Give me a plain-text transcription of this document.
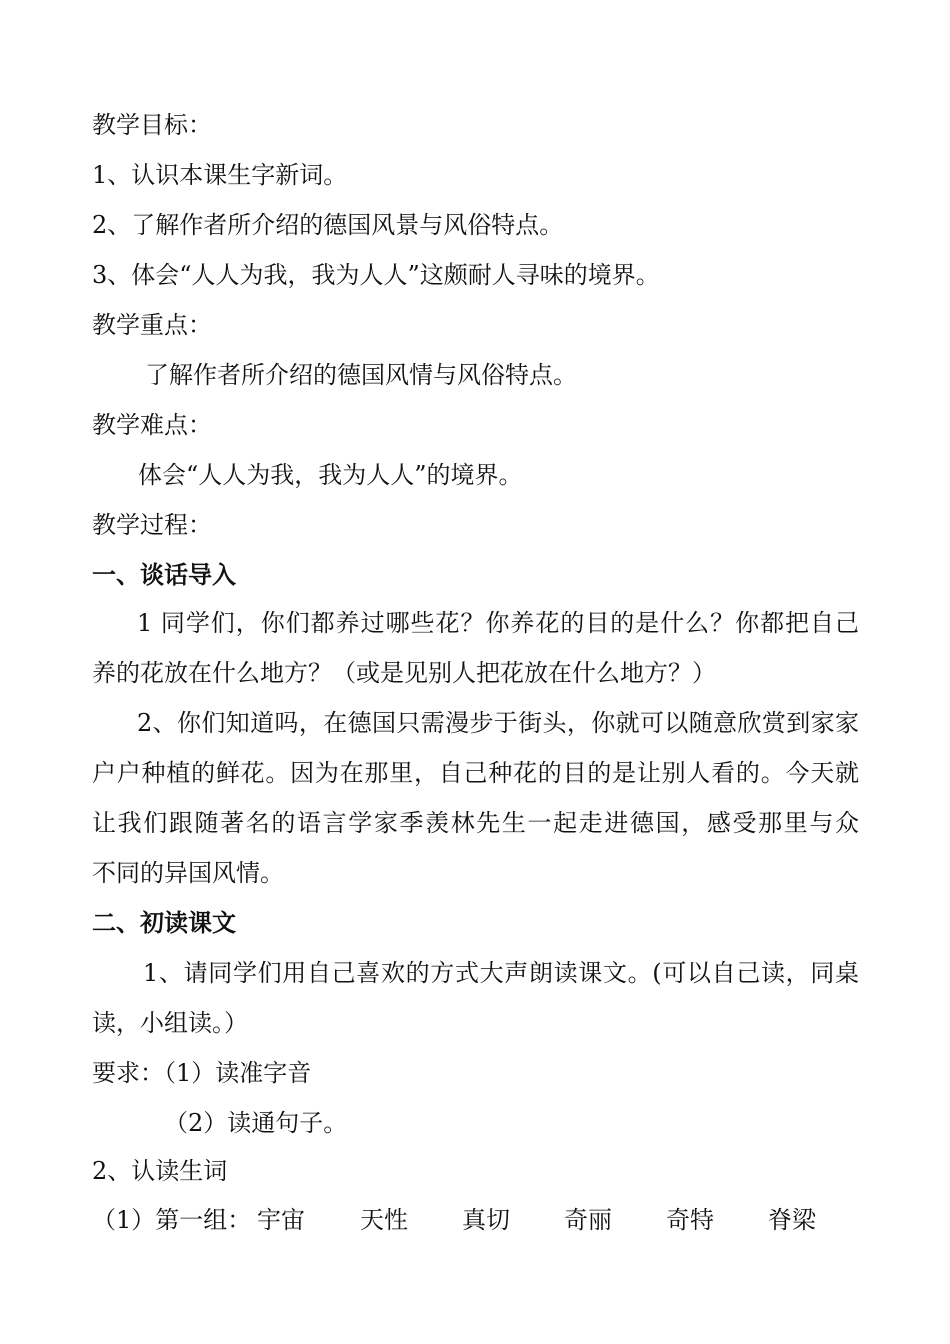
教学目标：
1、认识本课生字新词。
2、了解作者所介绍的德国风景与风俗特点。
3、体会“人人为我，我为人人”这颇耐人寻味的境界。
教学重点：
了解作者所介绍的德国风情与风俗特点。
教学难点：
体会“人人为我，我为人人”的境界。
教学过程：
一、谈话导入
1 同学们，你们都养过哪些花？你养花的目的是什么？你都把自己
养的花放在什么地方？（或是见别人把花放在什么地方？）
2、你们知道吗，在德国只需漫步于街头，你就可以随意欣赏到家家
户户种植的鲜花。因为在那里，自己种花的目的是让别人看的。今天就
让我们跟随著名的语言学家季羡林先生一起走进德国，感受那里与众
不同的异国风情。
二、初读课文
1、请同学们用自己喜欢的方式大声朗读课文。(可以自己读，同桌
读，小组读。）
要求：（1）读准字音
（2）读通句子。
2、认读生词
（1）第一组： 宇宙 天性 真切 奇丽 奇特 脊梁
